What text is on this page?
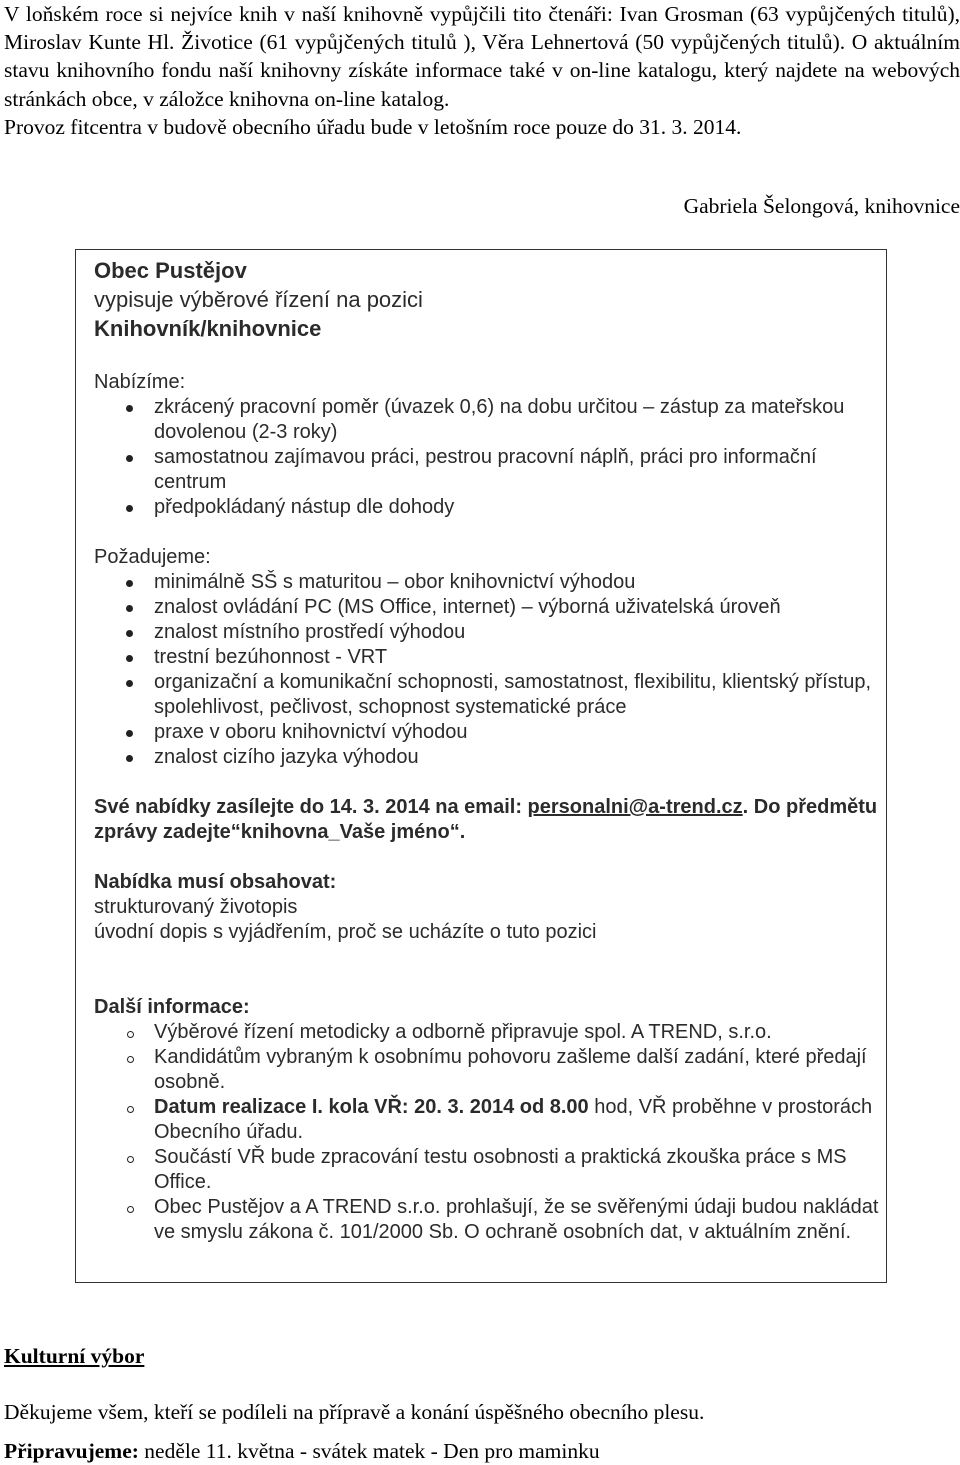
V loňském roce si nejvíce knih v naší knihovně vypůjčili tito čtenáři: Ivan Grosman (63 vypůjčených titulů), Miroslav Kunte Hl. Životice (61 vypůjčených titulů ), Věra Lehnertová (50 vypůjčených titulů). O aktuálním stavu knihovního fondu naší knihovny získáte informace také v on-line katalogu, který najdete na webových stránkách obce, v záložce knihovna on-line katalog.

Provoz fitcentra v budově obecního úřadu bude v letošním roce pouze do 31. 3. 2014.

Gabriela Šelongová, knihovnice
Obec Pustějov
vypisuje výběrové řízení na pozici
Knihovník/knihovnice
Nabízíme:
zkrácený pracovní poměr (úvazek 0,6) na dobu určitou – zástup za mateřskou dovolenou (2-3 roky)
samostatnou zajímavou práci, pestrou pracovní náplň, práci pro informační centrum
předpokládaný nástup dle dohody
Požadujeme:
minimálně SŠ s maturitou – obor knihovnictví výhodou
znalost ovládání PC (MS Office, internet) – výborná uživatelská úroveň
znalost místního prostředí výhodou
trestní bezúhonnost - VRT
organizační a komunikační schopnosti, samostatnost, flexibilitu, klientský přístup, spolehlivost, pečlivost, schopnost systematické práce
praxe v oboru knihovnictví výhodou
znalost cizího jazyka výhodou
Své nabídky zasílejte do 14. 3. 2014 na email: personalni@a-trend.cz. Do předmětu zprávy zadejte“knihovna_Vaše jméno“.
Nabídka musí obsahovat:
strukturovaný životopis
úvodní dopis s vyjádřením, proč se ucházíte o tuto pozici
Další informace:
Výběrové řízení metodicky a odborně připravuje spol. A TREND, s.r.o.
Kandidátům vybraným k osobnímu pohovoru zašleme další zadání, které předají osobně.
Datum realizace I. kola VŘ: 20. 3. 2014 od 8.00 hod, VŘ proběhne v prostorách Obecního úřadu.
Součástí VŘ bude zpracování testu osobnosti a praktická zkouška práce s MS Office.
Obec Pustějov a A TREND s.r.o. prohlašují, že se svěřenými údaji budou nakládat ve smyslu zákona č. 101/2000 Sb. O ochraně osobních dat, v aktuálním znění.
Kulturní výbor
Děkujeme všem, kteří se podíleli na přípravě a konání úspěšného obecního plesu.
Připravujeme: neděle 11. května - svátek matek - Den pro maminku
